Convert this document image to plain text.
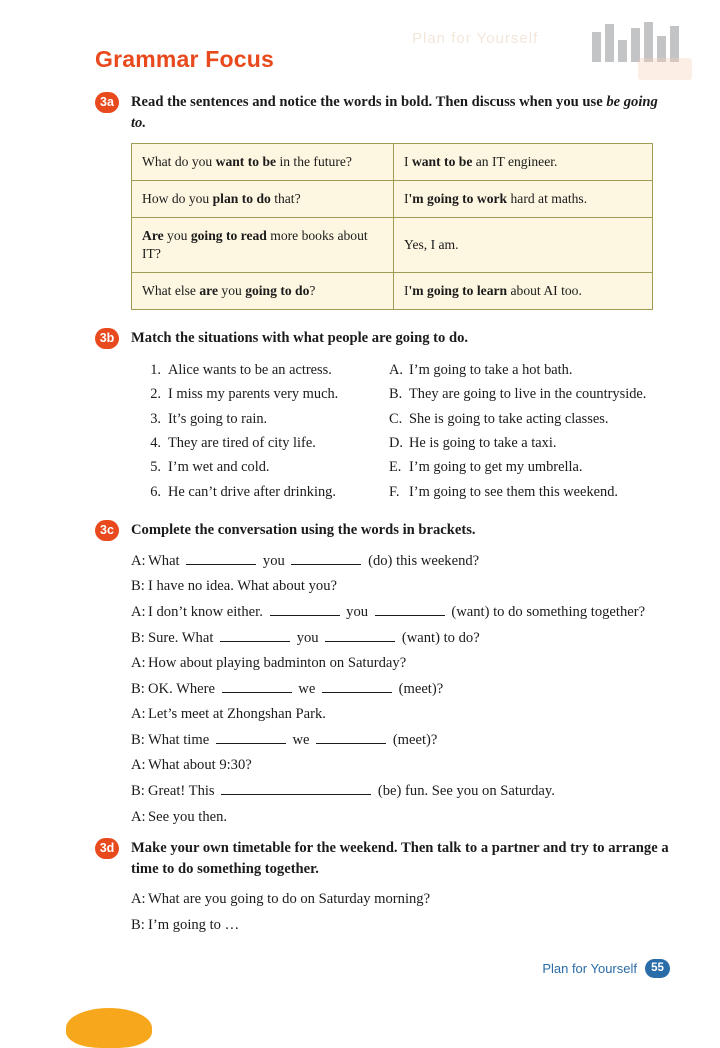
Plan for Yourself
Grammar Focus
3a	Read the sentences and notice the words in bold. Then discuss when you use be going to.
What do you want to be in the future?	I want to be an IT engineer.
How do you plan to do that?	I'm going to work hard at maths.
Are you going to read more books about IT?	Yes, I am.
What else are you going to do?	I'm going to learn about AI too.
3b	Match the situations with what people are going to do.
1. Alice wants to be an actress.
2. I miss my parents very much.
3. It’s going to rain.
4. They are tired of city life.
5. I’m wet and cold.
6. He can’t drive after drinking.
A. I’m going to take a hot bath.
B. They are going to live in the countryside.
C. She is going to take acting classes.
D. He is going to take a taxi.
E. I’m going to get my umbrella.
F. I’m going to see them this weekend.
3c	Complete the conversation using the words in brackets.
A: What	you	(do) this weekend?
B: I have no idea. What about you?
A: I don’t know either.	you	(want) to do something together?
B: Sure. What	you	(want) to do?
A: How about playing badminton on Saturday?
B: OK. Where	we	(meet)?
A: Let’s meet at Zhongshan Park.
B: What time	we	(meet)?
A: What about 9:30?
B: Great! This	(be) fun. See you on Saturday.
A: See you then.
3d	Make your own timetable for the weekend. Then talk to a partner and try to arrange a time to do something together.
A: What are you going to do on Saturday morning?
B: I’m going to …
Plan for Yourself	55
